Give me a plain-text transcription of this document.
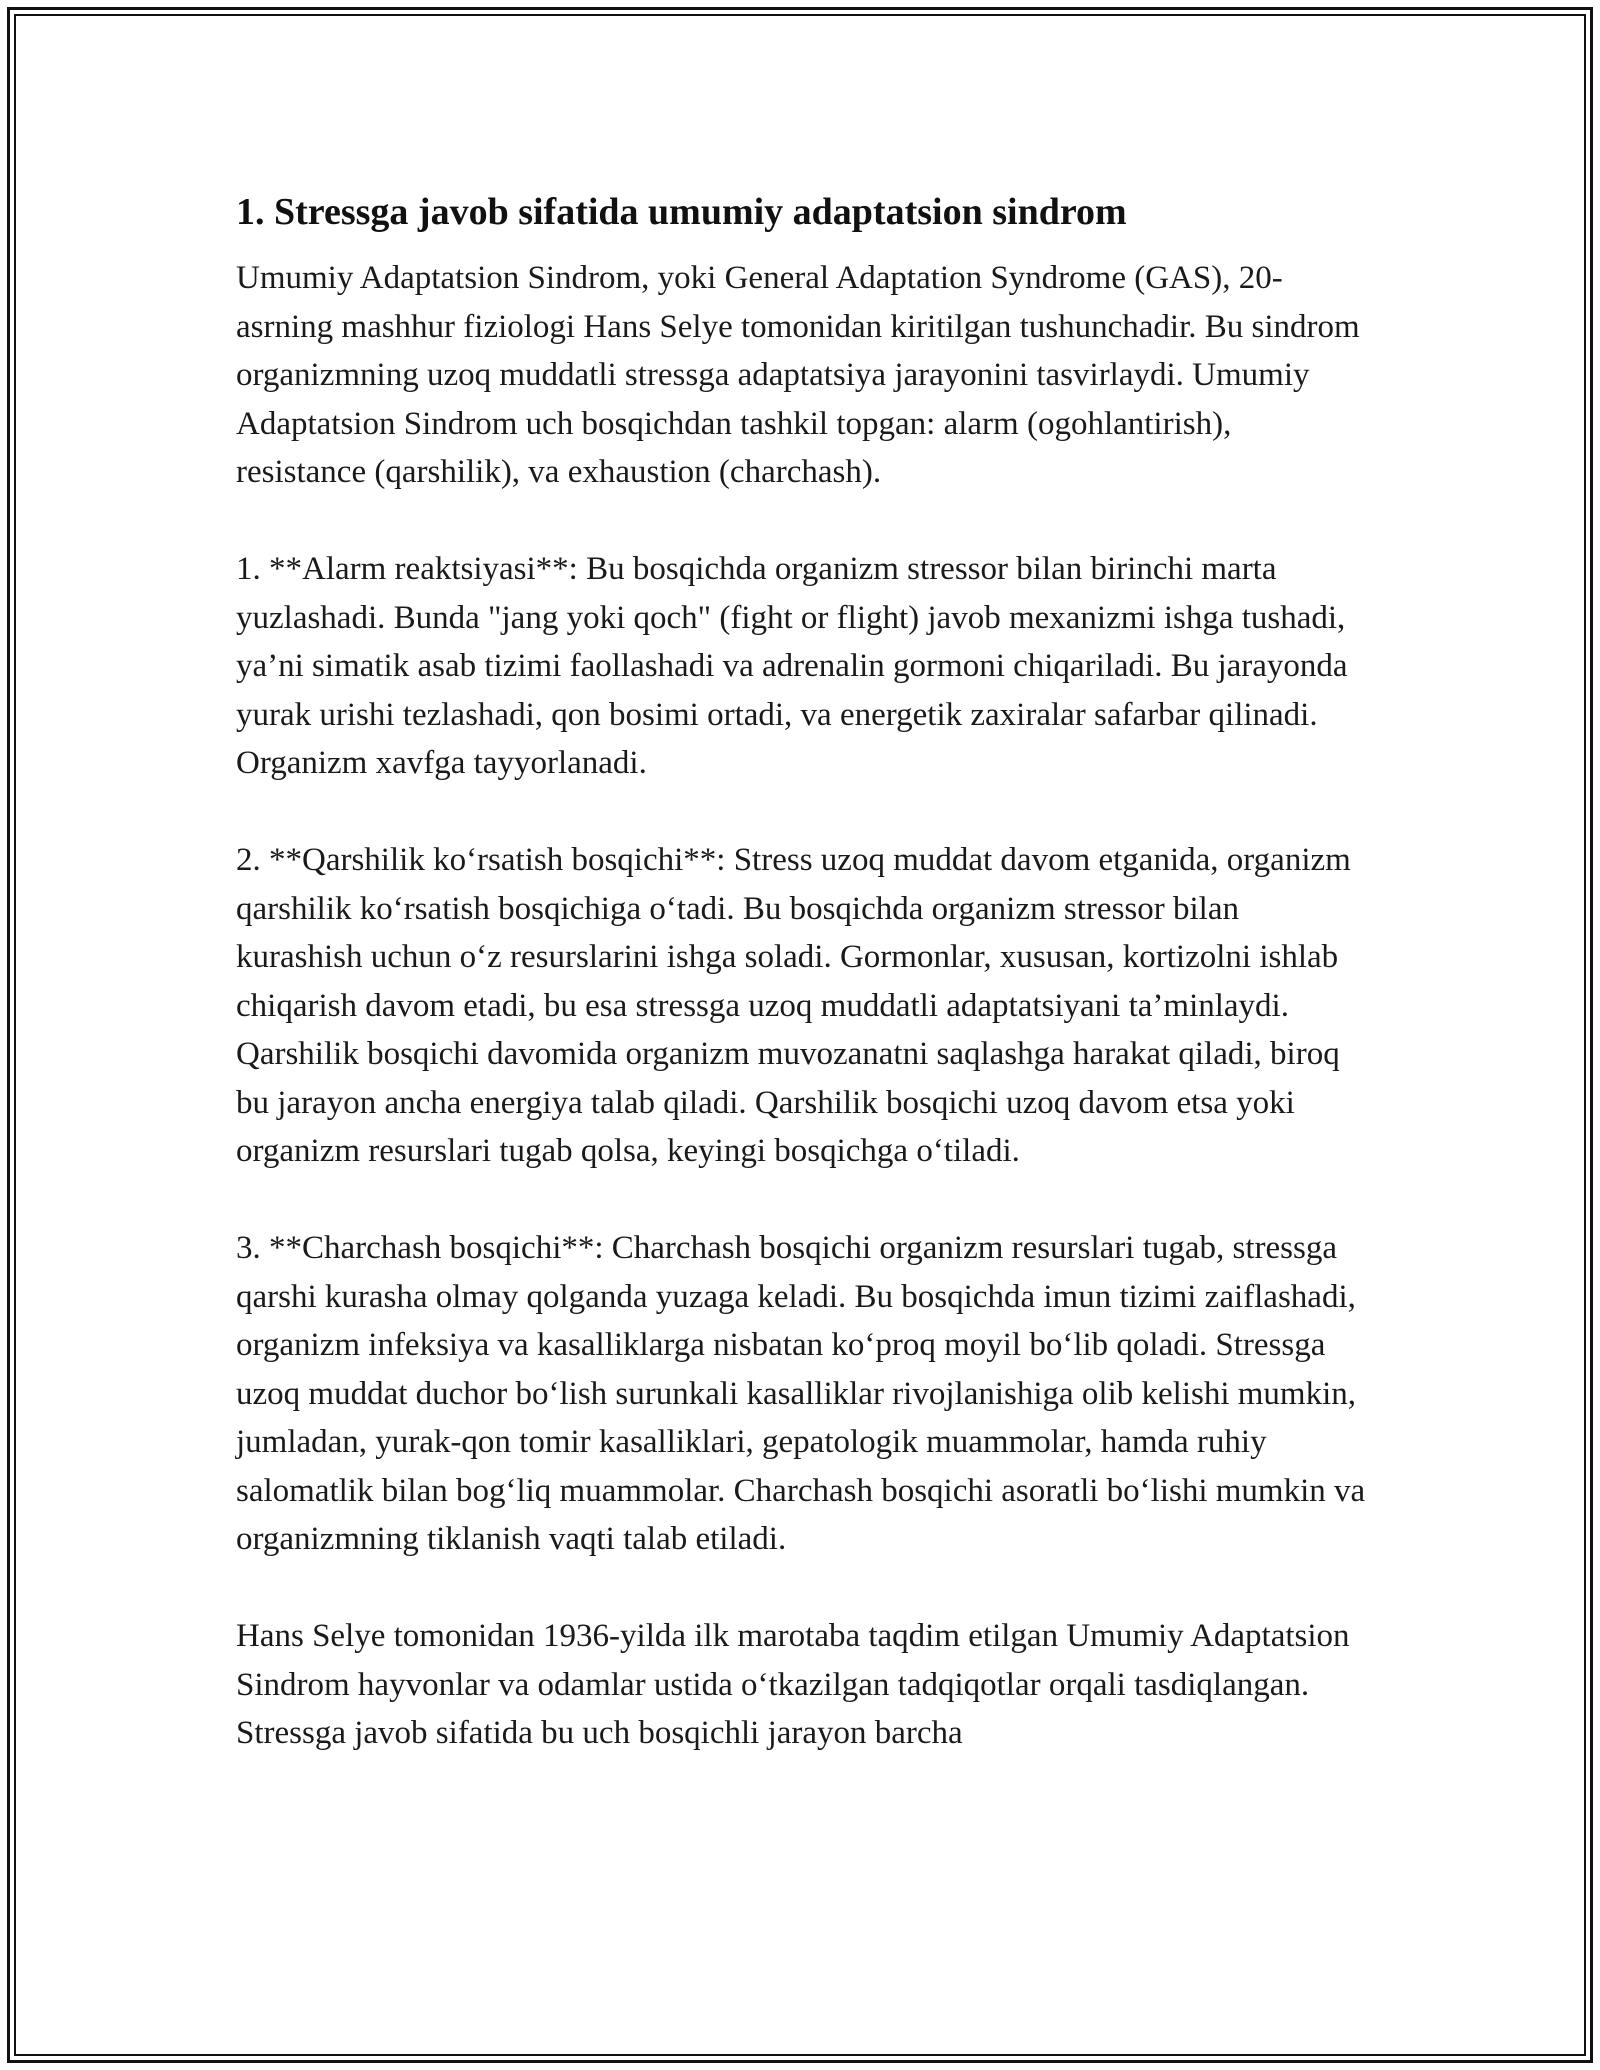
1. Stressga javob sifatida umumiy adaptatsion sindrom

Umumiy Adaptatsion Sindrom, yoki General Adaptation Syndrome (GAS), 20-asrning mashhur fiziologi Hans Selye tomonidan kiritilgan tushunchadir. Bu sindrom organizmning uzoq muddatli stressga adaptatsiya jarayonini tasvirlaydi. Umumiy Adaptatsion Sindrom uch bosqichdan tashkil topgan: alarm (ogohlantirish), resistance (qarshilik), va exhaustion (charchash).

1. **Alarm reaktsiyasi**: Bu bosqichda organizm stressor bilan birinchi marta yuzlashadi. Bunda "jang yoki qoch" (fight or flight) javob mexanizmi ishga tushadi, ya’ni simatik asab tizimi faollashadi va adrenalin gormoni chiqariladi. Bu jarayonda yurak urishi tezlashadi, qon bosimi ortadi, va energetik zaxiralar safarbar qilinadi. Organizm xavfga tayyorlanadi.

2. **Qarshilik ko‘rsatish bosqichi**: Stress uzoq muddat davom etganida, organizm qarshilik ko‘rsatish bosqichiga o‘tadi. Bu bosqichda organizm stressor bilan kurashish uchun o‘z resurslarini ishga soladi. Gormonlar, xususan, kortizolni ishlab chiqarish davom etadi, bu esa stressga uzoq muddatli adaptatsiyani ta’minlaydi. Qarshilik bosqichi davomida organizm muvozanatni saqlashga harakat qiladi, biroq bu jarayon ancha energiya talab qiladi. Qarshilik bosqichi uzoq davom etsa yoki organizm resurslari tugab qolsa, keyingi bosqichga o‘tiladi.

3. **Charchash bosqichi**: Charchash bosqichi organizm resurslari tugab, stressga qarshi kurasha olmay qolganda yuzaga keladi. Bu bosqichda imun tizimi zaiflashadi, organizm infeksiya va kasalliklarga nisbatan ko‘proq moyil bo‘lib qoladi. Stressga uzoq muddat duchor bo‘lish surunkali kasalliklar rivojlanishiga olib kelishi mumkin, jumladan, yurak-qon tomir kasalliklari, gepatologik muammolar, hamda ruhiy salomatlik bilan bog‘liq muammolar. Charchash bosqichi asoratli bo‘lishi mumkin va organizmning tiklanish vaqti talab etiladi.

Hans Selye tomonidan 1936-yilda ilk marotaba taqdim etilgan Umumiy Adaptatsion Sindrom hayvonlar va odamlar ustida o‘tkazilgan tadqiqotlar orqali tasdiqlangan. Stressga javob sifatida bu uch bosqichli jarayon barcha
